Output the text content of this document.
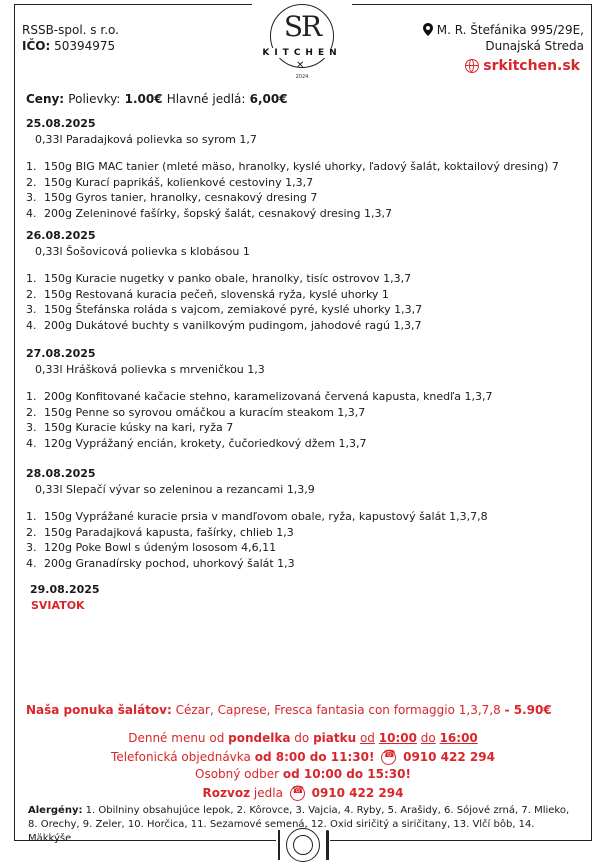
RSSB-spol. s r.o.
IČO: 50394975
SR
KITCHEN
✕
2024
M. R. Štefánika 995/29E,
Dunajská Streda
srkitchen.sk
Ceny: Polievky: 1.00€ Hlavné jedlá: 6,00€
25.08.2025
0,33l Paradajková polievka so syrom 1,7
1. 150g BIG MAC tanier (mleté mäso, hranolky, kyslé uhorky, ľadový šalát, koktailový dresing) 7
2. 150g Kurací paprikáš, kolienkové cestoviny 1,3,7
3. 150g Gyros tanier, hranolky, cesnakový dresing 7
4. 200g Zeleninové fašírky, šopský šalát, cesnakový dresing 1,3,7
26.08.2025
0,33l Šošovicová polievka s klobásou 1
1. 150g Kuracie nugetky v panko obale, hranolky, tisíc ostrovov 1,3,7
2. 150g Restovaná kuracia pečeň, slovenská ryža, kyslé uhorky 1
3. 150g Štefánska roláda s vajcom, zemiakové pyré, kyslé uhorky 1,3,7
4. 200g Dukátové buchty s vanilkovým pudingom, jahodové ragú 1,3,7
27.08.2025
0,33l Hrášková polievka s mrveničkou 1,3
1. 200g Konfitované kačacie stehno, karamelizovaná červená kapusta, knedľa 1,3,7
2. 150g Penne so syrovou omáčkou a kuracím steakom 1,3,7
3. 150g Kuracie kúsky na kari, ryža 7
4. 120g Vyprážaný encián, krokety, čučoriedkový džem 1,3,7
28.08.2025
0,33l Slepačí vývar so zeleninou a rezancami 1,3,9
1. 150g Vyprážané kuracie prsia v mandľovom obale, ryža, kapustový šalát 1,3,7,8
2. 150g Paradajková kapusta, fašírky, chlieb 1,3
3. 120g Poke Bowl s údeným lososom 4,6,11
4. 200g Granadírsky pochod, uhorkový šalát 1,3
29.08.2025
SVIATOK
Naša ponuka šalátov: Cézar, Caprese, Fresca fantasia con formaggio 1,3,7,8 - 5.90€
Denné menu od pondelka do piatku od 10:00 do 16:00
Telefonická objednávka od 8:00 do 11:30! ☎ 0910 422 294
Osobný odber od 10:00 do 15:30!
Rozvoz jedla ☎ 0910 422 294
Alergény: 1. Obilniny obsahujúce lepok, 2. Kôrovce, 3. Vajcia, 4. Ryby, 5. Arašidy, 6. Sójové zrná, 7. Mlieko, 8. Orechy, 9. Zeler, 10. Horčica, 11. Sezamové semená, 12. Oxid siričitý a siričitany, 13. Vlčí bôb, 14. Mäkkýše
